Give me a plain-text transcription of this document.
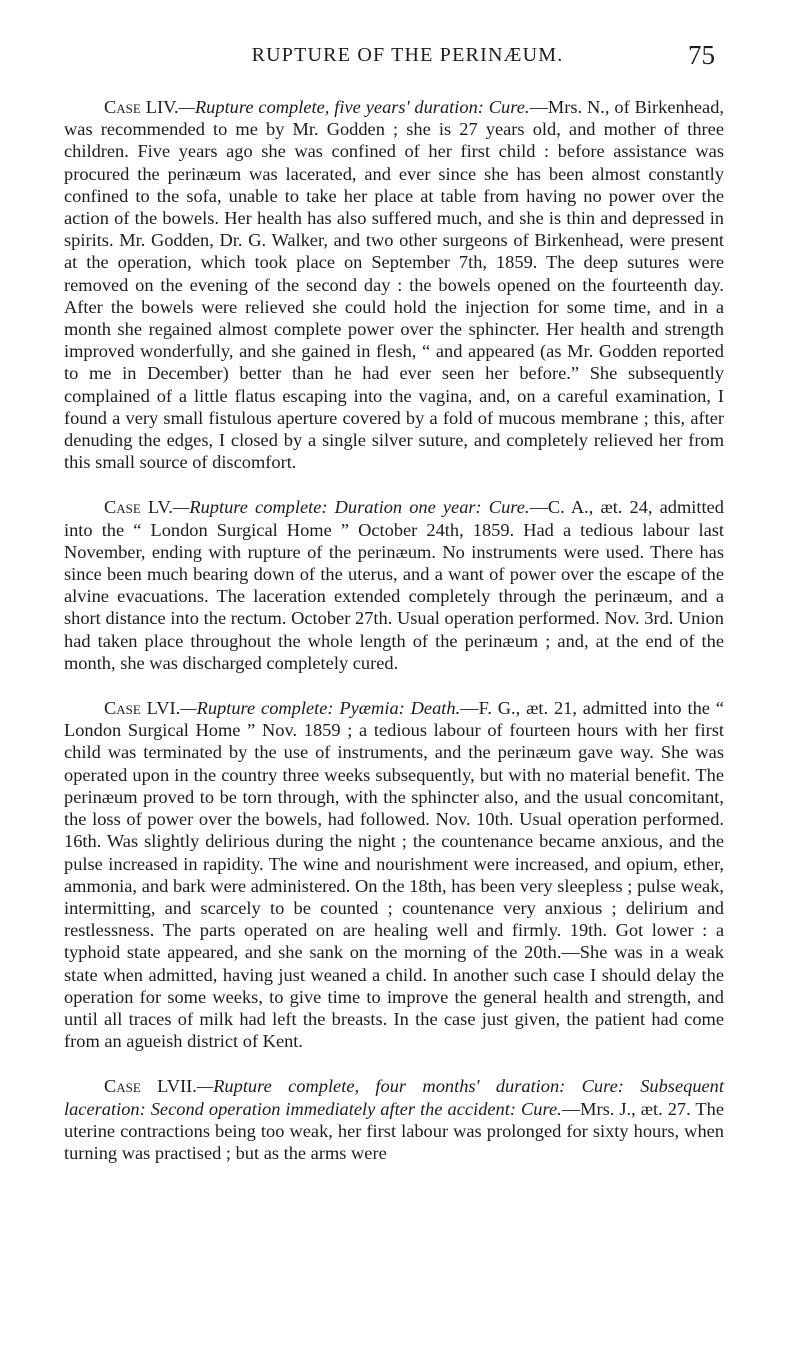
RUPTURE OF THE PERINÆUM.	75

Case LIV.—Rupture complete, five years' duration: Cure.—Mrs. N., of Birkenhead, was recommended to me by Mr. Godden ; she is 27 years old, and mother of three children. Five years ago she was confined of her first child : before assistance was procured the perinæum was lacerated, and ever since she has been almost constantly confined to the sofa, unable to take her place at table from having no power over the action of the bowels. Her health has also suffered much, and she is thin and depressed in spirits. Mr. Godden, Dr. G. Walker, and two other surgeons of Birkenhead, were present at the operation, which took place on September 7th, 1859. The deep sutures were removed on the evening of the second day : the bowels opened on the fourteenth day. After the bowels were relieved she could hold the injection for some time, and in a month she regained almost complete power over the sphincter. Her health and strength improved wonderfully, and she gained in flesh, “ and appeared (as Mr. Godden reported to me in December) better than he had ever seen her before.” She subsequently complained of a little flatus escaping into the vagina, and, on a careful examination, I found a very small fistulous aperture covered by a fold of mucous membrane ; this, after denuding the edges, I closed by a single silver suture, and completely relieved her from this small source of discomfort.

Case LV.—Rupture complete: Duration one year: Cure.—C. A., æt. 24, admitted into the “ London Surgical Home ” October 24th, 1859. Had a tedious labour last November, ending with rupture of the perinæum. No instruments were used. There has since been much bearing down of the uterus, and a want of power over the escape of the alvine evacuations. The laceration extended completely through the perinæum, and a short distance into the rectum. October 27th. Usual operation performed. Nov. 3rd. Union had taken place throughout the whole length of the perinæum ; and, at the end of the month, she was discharged completely cured.

Case LVI.—Rupture complete: Pyæmia: Death.—F. G., æt. 21, admitted into the “ London Surgical Home ” Nov. 1859 ; a tedious labour of fourteen hours with her first child was terminated by the use of instruments, and the perinæum gave way. She was operated upon in the country three weeks subsequently, but with no material benefit. The perinæum proved to be torn through, with the sphincter also, and the usual concomitant, the loss of power over the bowels, had followed. Nov. 10th. Usual operation performed. 16th. Was slightly delirious during the night ; the countenance became anxious, and the pulse increased in rapidity. The wine and nourishment were increased, and opium, ether, ammonia, and bark were administered. On the 18th, has been very sleepless ; pulse weak, intermitting, and scarcely to be counted ; countenance very anxious ; delirium and restlessness. The parts operated on are healing well and firmly. 19th. Got lower : a typhoid state appeared, and she sank on the morning of the 20th.—She was in a weak state when admitted, having just weaned a child. In another such case I should delay the operation for some weeks, to give time to improve the general health and strength, and until all traces of milk had left the breasts. In the case just given, the patient had come from an agueish district of Kent.

Case LVII.—Rupture complete, four months' duration: Cure: Subsequent laceration: Second operation immediately after the accident: Cure.—Mrs. J., æt. 27. The uterine contractions being too weak, her first labour was prolonged for sixty hours, when turning was practised ; but as the arms were
